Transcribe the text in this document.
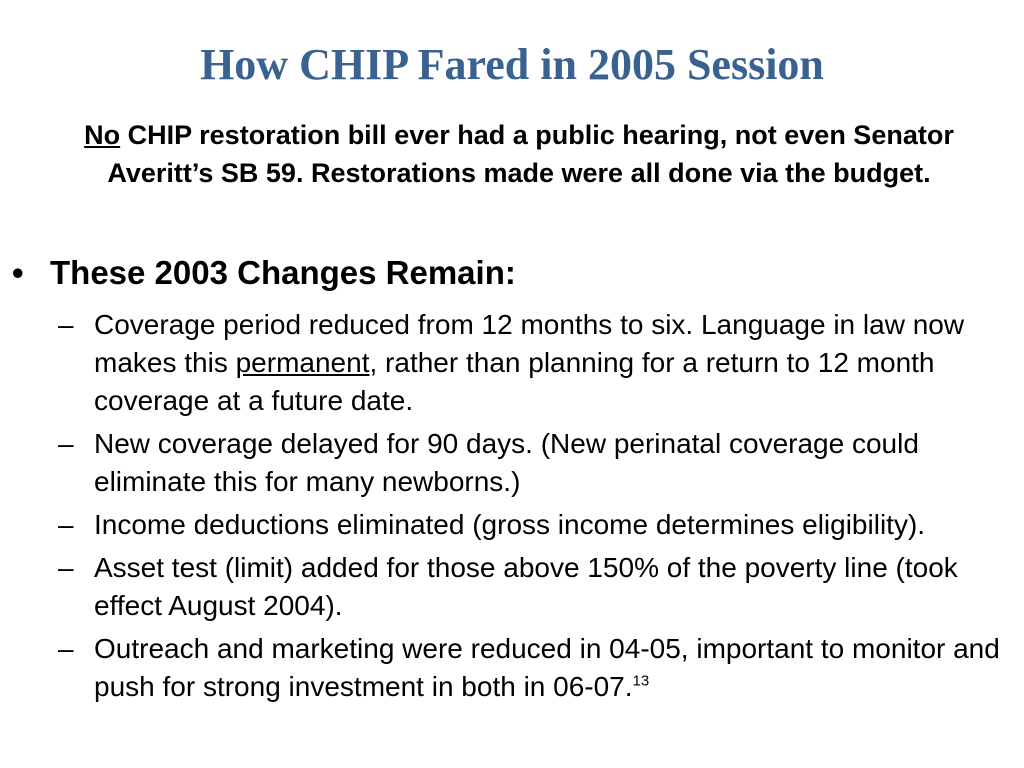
How CHIP Fared in 2005 Session
No CHIP restoration bill ever had a public hearing, not even Senator Averitt’s SB 59. Restorations made were all done via the budget.
• These 2003 Changes Remain:
– Coverage period reduced from 12 months to six. Language in law now makes this permanent, rather than planning for a return to 12 month coverage at a future date.
– New coverage delayed for 90 days. (New perinatal coverage could eliminate this for many newborns.)
– Income deductions eliminated (gross income determines eligibility).
– Asset test (limit) added for those above 150% of the poverty line (took effect August 2004).
– Outreach and marketing were reduced in 04-05, important to monitor and push for strong investment in both in 06-07.13
